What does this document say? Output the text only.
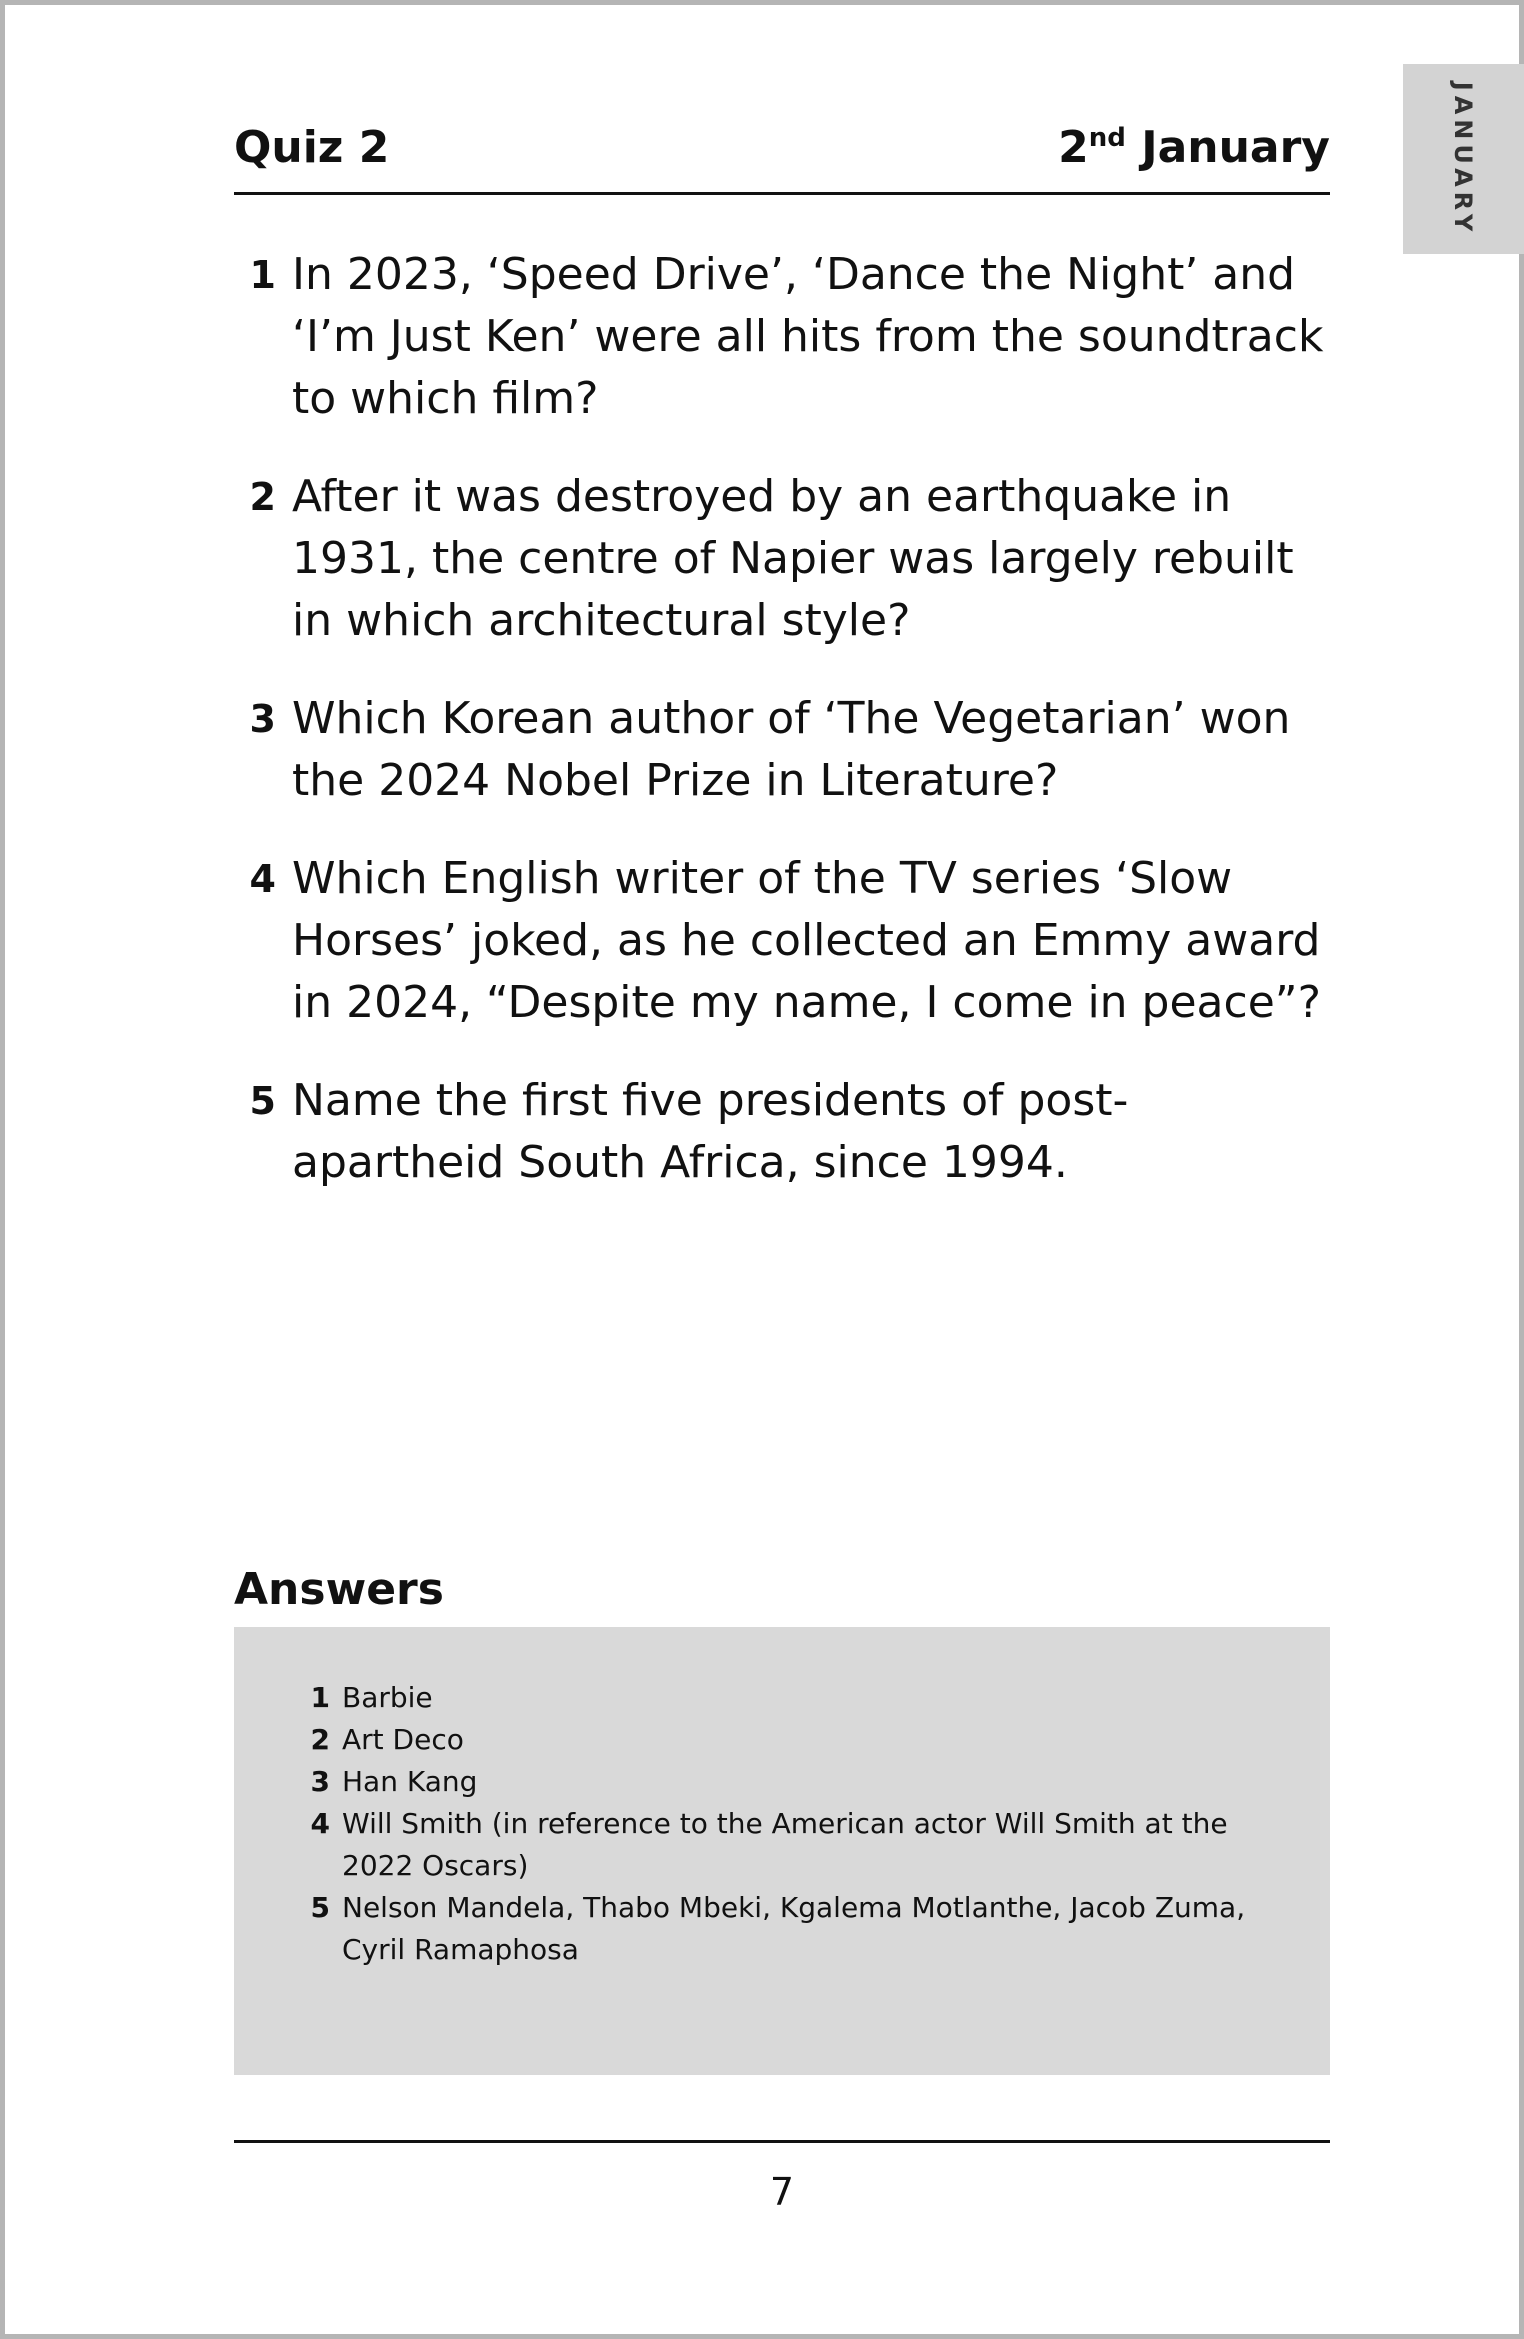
JANUARY
Quiz 2	2nd January
1 In 2023, ‘Speed Drive’, ‘Dance the Night’ and ‘I’m Just Ken’ were all hits from the soundtrack to which film?
2 After it was destroyed by an earthquake in 1931, the centre of Napier was largely rebuilt in which architectural style?
3 Which Korean author of ‘The Vegetarian’ won the 2024 Nobel Prize in Literature?
4 Which English writer of the TV series ‘Slow Horses’ joked, as he collected an Emmy award in 2024, “Despite my name, I come in peace”?
5 Name the first five presidents of post-apartheid South Africa, since 1994.
Answers
1 Barbie
2 Art Deco
3 Han Kang
4 Will Smith (in reference to the American actor Will Smith at the 2022 Oscars)
5 Nelson Mandela, Thabo Mbeki, Kgalema Motlanthe, Jacob Zuma, Cyril Ramaphosa
7
